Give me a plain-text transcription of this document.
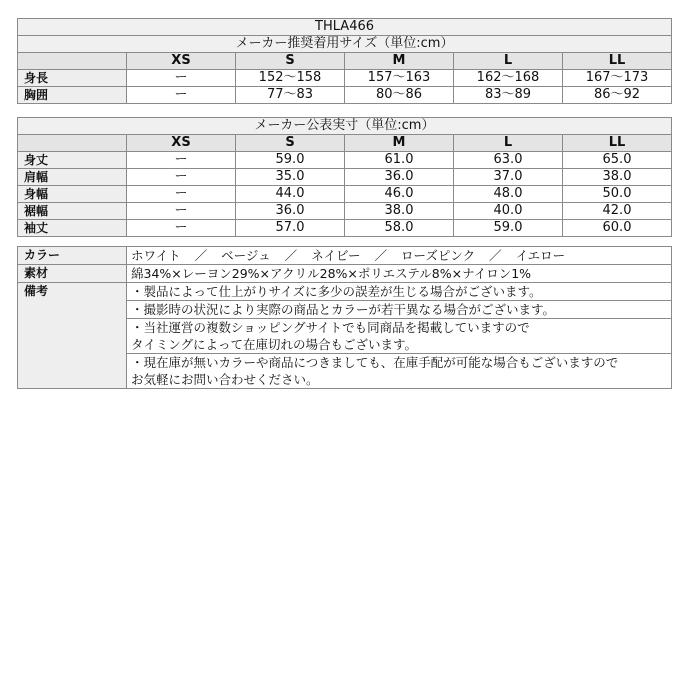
THLA466					
メーカー推奨着用サイズ（単位:cm）					
	XS	S	M	L	LL
身長	ー	152〜158	157〜163	162〜168	167〜173
胸囲	ー	77〜83	80〜86	83〜89	86〜92
メーカー公表実寸（単位:cm）					
	XS	S	M	L	LL
身丈	ー	59.0	61.0	63.0	65.0
肩幅	ー	35.0	36.0	37.0	38.0
身幅	ー	44.0	46.0	48.0	50.0
裾幅	ー	36.0	38.0	40.0	42.0
袖丈	ー	57.0	58.0	59.0	60.0
カラー	ホワイト ／ ベージュ ／ ネイビー ／ ローズピンク ／ イエロー
素材	綿34%×レーヨン29%×アクリル28%×ポリエステル8%×ナイロン1%
備考	・製品によって仕上がりサイズに多少の誤差が生じる場合がございます。

	・撮影時の状況により実際の商品とカラーが若干異なる場合がございます。

	・当社運営の複数ショッピングサイトでも同商品を掲載していますので
タイミングによって在庫切れの場合もございます。

	・現在庫が無いカラーや商品につきましても、在庫手配が可能な場合もございますので
お気軽にお問い合わせください。
